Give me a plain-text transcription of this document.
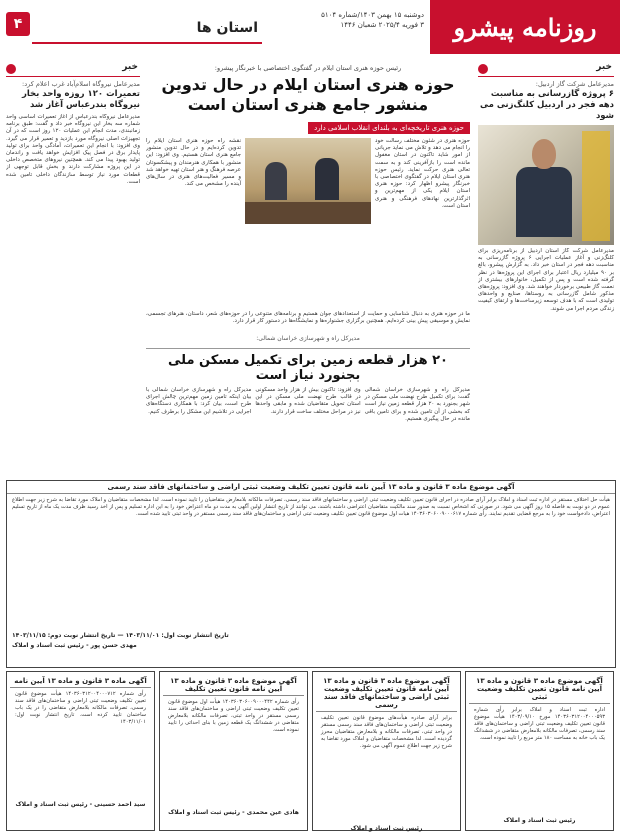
روزنامه پیشرو
دوشنبه ۱۵ بهمن ۱۴۰۳/شماره ۵۱۰۴
۳ فوریه ۲۰۲۵/۴ شعبان ۱۴۴۶
استان ها
۴
خبر
مدیرعامل شرکت گاز اردبیل:
۶ پروژه گازرسانی به مناسبت دهه فجر در اردبیل کلنگ‌زنی می شود
مدیرعامل شرکت گاز استان اردبیل از برنامه‌ریزی برای کلنگ‌زنی و آغاز عملیات اجرایی ۶ پروژه گازرسانی به مناسبت دهه فجر در استان خبر داد. به گزارش پیشرو، بالغ بر ۹۰ میلیارد ریال اعتبار برای اجرای این پروژه‌ها در نظر گرفته شده است و پس از تکمیل، خانوارهای بیشتری از نعمت گاز طبیعی برخوردار خواهند شد. وی افزود: پروژه‌های مذکور شامل گازرسانی به روستاها، صنایع و واحدهای تولیدی است که با هدف توسعه زیرساخت‌ها و ارتقای کیفیت زندگی مردم اجرا می شوند.
رئیس حوزه هنری استان ایلام در گفتگوی اختصاصی با خبرنگار پیشرو:
حوزه هنری استان ایلام در حال تدوین منشور جامع هنری استان است
حوزه هنری تاریخچه‌ای به بلندای انقلاب اسلامی دارد
حوزه هنری در شئون مختلف رسالت خود را انجام می دهد و تلاش می نماید جریانی از امور شاید تاکنون در استان مغفول مانده است را بازآفرینی کند و به سمت تعالی هنری حرکت نماید. رئیس حوزه هنری استان ایلام در گفتگوی اختصاصی با خبرنگار پیشرو اظهار کرد: حوزه هنری استان ایلام یکی از مهم‌ترین و اثرگذارترین نهادهای فرهنگی و هنری استان است.
نقشه راه حوزه هنری استان ایلام را تدوین کرده‌ایم و در حال تدوین منشور جامع هنری استان هستیم. وی افزود: این منشور با همکاری هنرمندان و پیشکسوتان عرصه فرهنگ و هنر استان تهیه خواهد شد و مسیر فعالیت‌های هنری در سال‌های آینده را مشخص می کند.
ما در حوزه هنری به دنبال شناسایی و حمایت از استعدادهای جوان هستیم و برنامه‌های متنوعی را در حوزه‌های شعر، داستان، هنرهای تجسمی، نمایش و موسیقی پیش بینی کرده‌ایم. همچنین برگزاری جشنواره‌ها و نمایشگاه‌ها در دستور کار قرار دارد.
مدیرکل راه و شهرسازی خراسان شمالی:
۲۰ هزار قطعه زمین برای تکمیل مسکن ملی بجنورد نیاز است
مدیرکل راه و شهرسازی خراسان شمالی گفت: برای تکمیل طرح نهضت ملی مسکن در شهر بجنورد به ۲۰ هزار قطعه زمین نیاز است که بخشی از آن تامین شده و برای تامین باقی مانده در حال پیگیری هستیم.
وی افزود: تاکنون بیش از هزار واحد مسکونی در قالب طرح نهضت ملی مسکن در این استان تحویل متقاضیان شده و مابقی واحدها نیز در مراحل مختلف ساخت قرار دارند.
مدیرکل راه و شهرسازی خراسان شمالی با بیان اینکه تامین زمین مهم‌ترین چالش اجرای طرح است، بیان کرد: با همکاری دستگاه‌های اجرایی در تلاشیم این مشکل را برطرف کنیم.
خبر
مدیرعامل نیروگاه اسلام‌آباد غرب اعلام کرد:
تعمیرات ۱۲۰ روزه واحد بخار نیروگاه بندرعباس آغاز شد
مدیرعامل نیروگاه بندرعباس از آغاز تعمیرات اساسی واحد شماره سه بخار این نیروگاه خبر داد و گفت: طبق برنامه زمانبندی، مدت انجام این عملیات ۱۲۰ روز است که در آن تجهیزات اصلی نیروگاه مورد بازدید و تعمیر قرار می گیرد. وی افزود: با انجام این تعمیرات، آمادگی واحد برای تولید پایدار برق در فصل پیک افزایش خواهد یافت و راندمان تولید بهبود پیدا می کند. همچنین نیروهای متخصص داخلی در این پروژه مشارکت دارند و بخش قابل توجهی از قطعات مورد نیاز توسط سازندگان داخلی تامین شده است.
آگهی موضوع ماده ۳ قانون و ماده ۱۳ آیین نامه قانون تعیین تکلیف وضعیت ثبتی اراضی و ساختمانهای فاقد سند رسمی
هیأت حل اختلاف مستقر در اداره ثبت اسناد و املاک برابر آرای صادره در اجرای قانون تعیین تکلیف وضعیت ثبتی اراضی و ساختمانهای فاقد سند رسمی، تصرفات مالکانه بلامعارض متقاضیان را تایید نموده است. لذا مشخصات متقاضیان و املاک مورد تقاضا به شرح زیر جهت اطلاع عموم در دو نوبت به فاصله ۱۵ روز آگهی می شود. در صورتی که اشخاص نسبت به صدور سند مالکیت متقاضیان اعتراضی داشته باشند، می توانند از تاریخ انتشار اولین آگهی به مدت دو ماه اعتراض خود را به این اداره تسلیم و پس از اخذ رسید ظرف مدت یک ماه از تاریخ تسلیم اعتراض، دادخواست خود را به مرجع قضایی تقدیم نمایند. رأی شماره ۱۴۰۳۶۰۳۰۶۰۰۹۰۰۰۶۱۷ هیات اول موضوع قانون تعیین تکلیف وضعیت ثبتی اراضی و ساختمان‌های فاقد سند رسمی مستقر در واحد ثبتی تایید شده است.
تاریخ انتشار نوبت اول: ۱۴۰۳/۱۱/۰۱ — تاریخ انتشار نوبت دوم: ۱۴۰۳/۱۱/۱۵
مهدی حسن پور - رئیس ثبت اسناد و املاک
آگهی موضوع ماده ۳ قانون و ماده ۱۳ آیین نامه قانون تعیین تکلیف وضعیت ثبتی
اداره ثبت اسناد و املاک برابر رأی شماره ۱۴۰۳۶۰۳۱۲۰۰۴۰۰۰۵۹۳ مورخ ۱۴۰۳/۰۹/۱۰ هیأت موضوع قانون تعیین تکلیف وضعیت ثبتی اراضی و ساختمان‌های فاقد سند رسمی، تصرفات مالکانه بلامعارض متقاضی در ششدانگ یک باب خانه به مساحت ۱۸۰ متر مربع را تایید نموده است.
رئیس ثبت اسناد و املاک
آگهی موضوع ماده ۳ قانون و ماده ۱۳ آیین نامه قانون تعیین تکلیف وضعیت ثبتی اراضی و ساختمانهای فاقد سند رسمی
برابر آرای صادره هیأت‌های موضوع قانون تعیین تکلیف وضعیت ثبتی اراضی و ساختمان‌های فاقد سند رسمی مستقر در واحد ثبتی، تصرفات مالکانه و بلامعارض متقاضیان محرز گردیده است. لذا مشخصات متقاضیان و املاک مورد تقاضا به شرح زیر جهت اطلاع عموم آگهی می شود.
رئیس ثبت اسناد و املاک
آگهی موضوع ماده ۳ قانون و ماده ۱۳ آیین نامه قانون تعیین تکلیف
رأی شماره ۱۴۰۳۶۰۳۰۶۰۰۹۰۰۰۴۴۲ هیأت اول موضوع قانون تعیین تکلیف وضعیت ثبتی اراضی و ساختمان‌های فاقد سند رسمی مستقر در واحد ثبتی، تصرفات مالکانه بلامعارض متقاضی در ششدانگ یک قطعه زمین با بنای احداثی را تایید نموده است.
هادی عین محمدی - رئیس ثبت اسناد و املاک
آگهی ماده ۳ قانون و ماده ۱۳ آیین نامه
رأی شماره ۱۴۰۳۶۰۳۱۲۰۰۴۰۰۰۷۱۲ هیأت موضوع قانون تعیین تکلیف وضعیت ثبتی اراضی و ساختمان‌های فاقد سند رسمی، تصرفات مالکانه بلامعارض متقاضی را در یک باب ساختمان تایید کرده است. تاریخ انتشار نوبت اول: ۱۴۰۳/۱۱/۰۱
سید احمد حسینی - رئیس ثبت اسناد و املاک
